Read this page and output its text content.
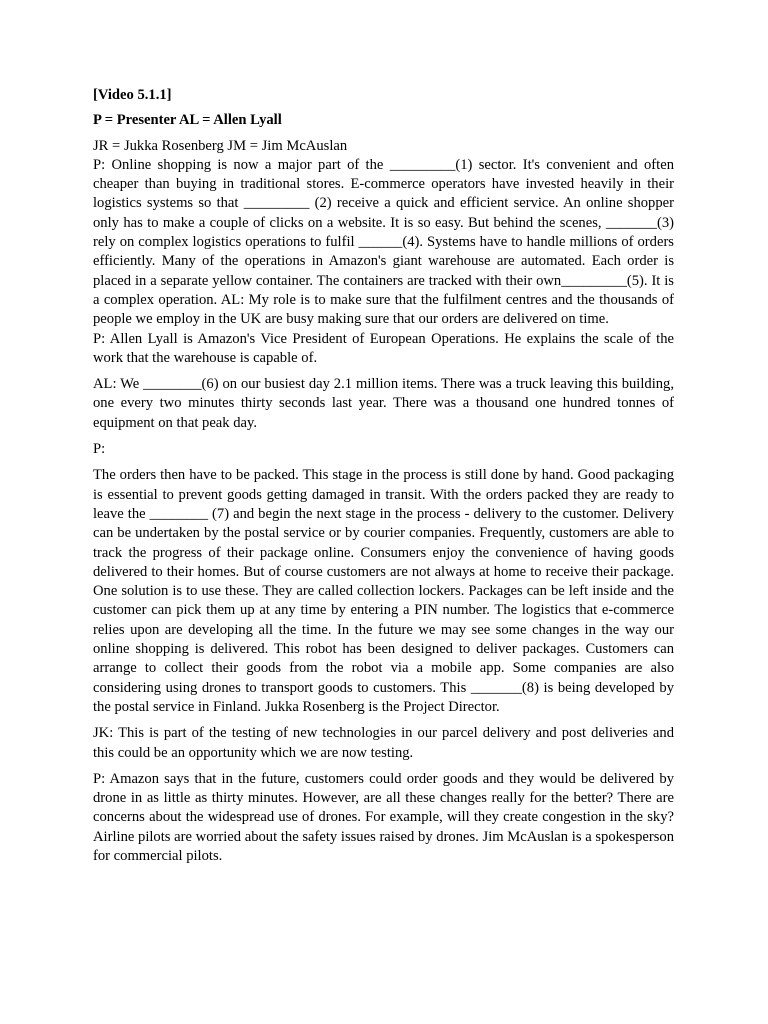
[Video 5.1.1]

P = Presenter AL = Allen Lyall

JR = Jukka Rosenberg JM = Jim McAuslan

P: Online shopping is now a major part of the _________(1) sector. It's convenient and often cheaper than buying in traditional stores. E-commerce operators have invested heavily in their logistics systems so that _________ (2) receive a quick and efficient service. An online shopper only has to make a couple of clicks on a website. It is so easy. But behind the scenes, _______(3) rely on complex logistics operations to fulfil ______(4). Systems have to handle millions of orders efficiently. Many of the operations in Amazon's giant warehouse are automated. Each order is placed in a separate yellow container. The containers are tracked with their own_________(5). It is a complex operation. AL: My role is to make sure that the fulfilment centres and the thousands of people we employ in the UK are busy making sure that our orders are delivered on time.

P: Allen Lyall is Amazon's Vice President of European Operations. He explains the scale of the work that the warehouse is capable of.

AL: We ________(6) on our busiest day 2.1 million items. There was a truck leaving this building, one every two minutes thirty seconds last year. There was a thousand one hundred tonnes of equipment on that peak day.

P:

The orders then have to be packed. This stage in the process is still done by hand. Good packaging is essential to prevent goods getting damaged in transit. With the orders packed they are ready to leave the ________ (7) and begin the next stage in the process - delivery to the customer. Delivery can be undertaken by the postal service or by courier companies. Frequently, customers are able to track the progress of their package online. Consumers enjoy the convenience of having goods delivered to their homes. But of course customers are not always at home to receive their package. One solution is to use these. They are called collection lockers. Packages can be left inside and the customer can pick them up at any time by entering a PIN number. The logistics that e-commerce relies upon are developing all the time. In the future we may see some changes in the way our online shopping is delivered. This robot has been designed to deliver packages. Customers can arrange to collect their goods from the robot via a mobile app. Some companies are also considering using drones to transport goods to customers. This _______(8) is being developed by the postal service in Finland. Jukka Rosenberg is the Project Director.

JK: This is part of the testing of new technologies in our parcel delivery and post deliveries and this could be an opportunity which we are now testing.

P: Amazon says that in the future, customers could order goods and they would be delivered by drone in as little as thirty minutes. However, are all these changes really for the better? There are concerns about the widespread use of drones. For example, will they create congestion in the sky? Airline pilots are worried about the safety issues raised by drones. Jim McAuslan is a spokesperson for commercial pilots.
